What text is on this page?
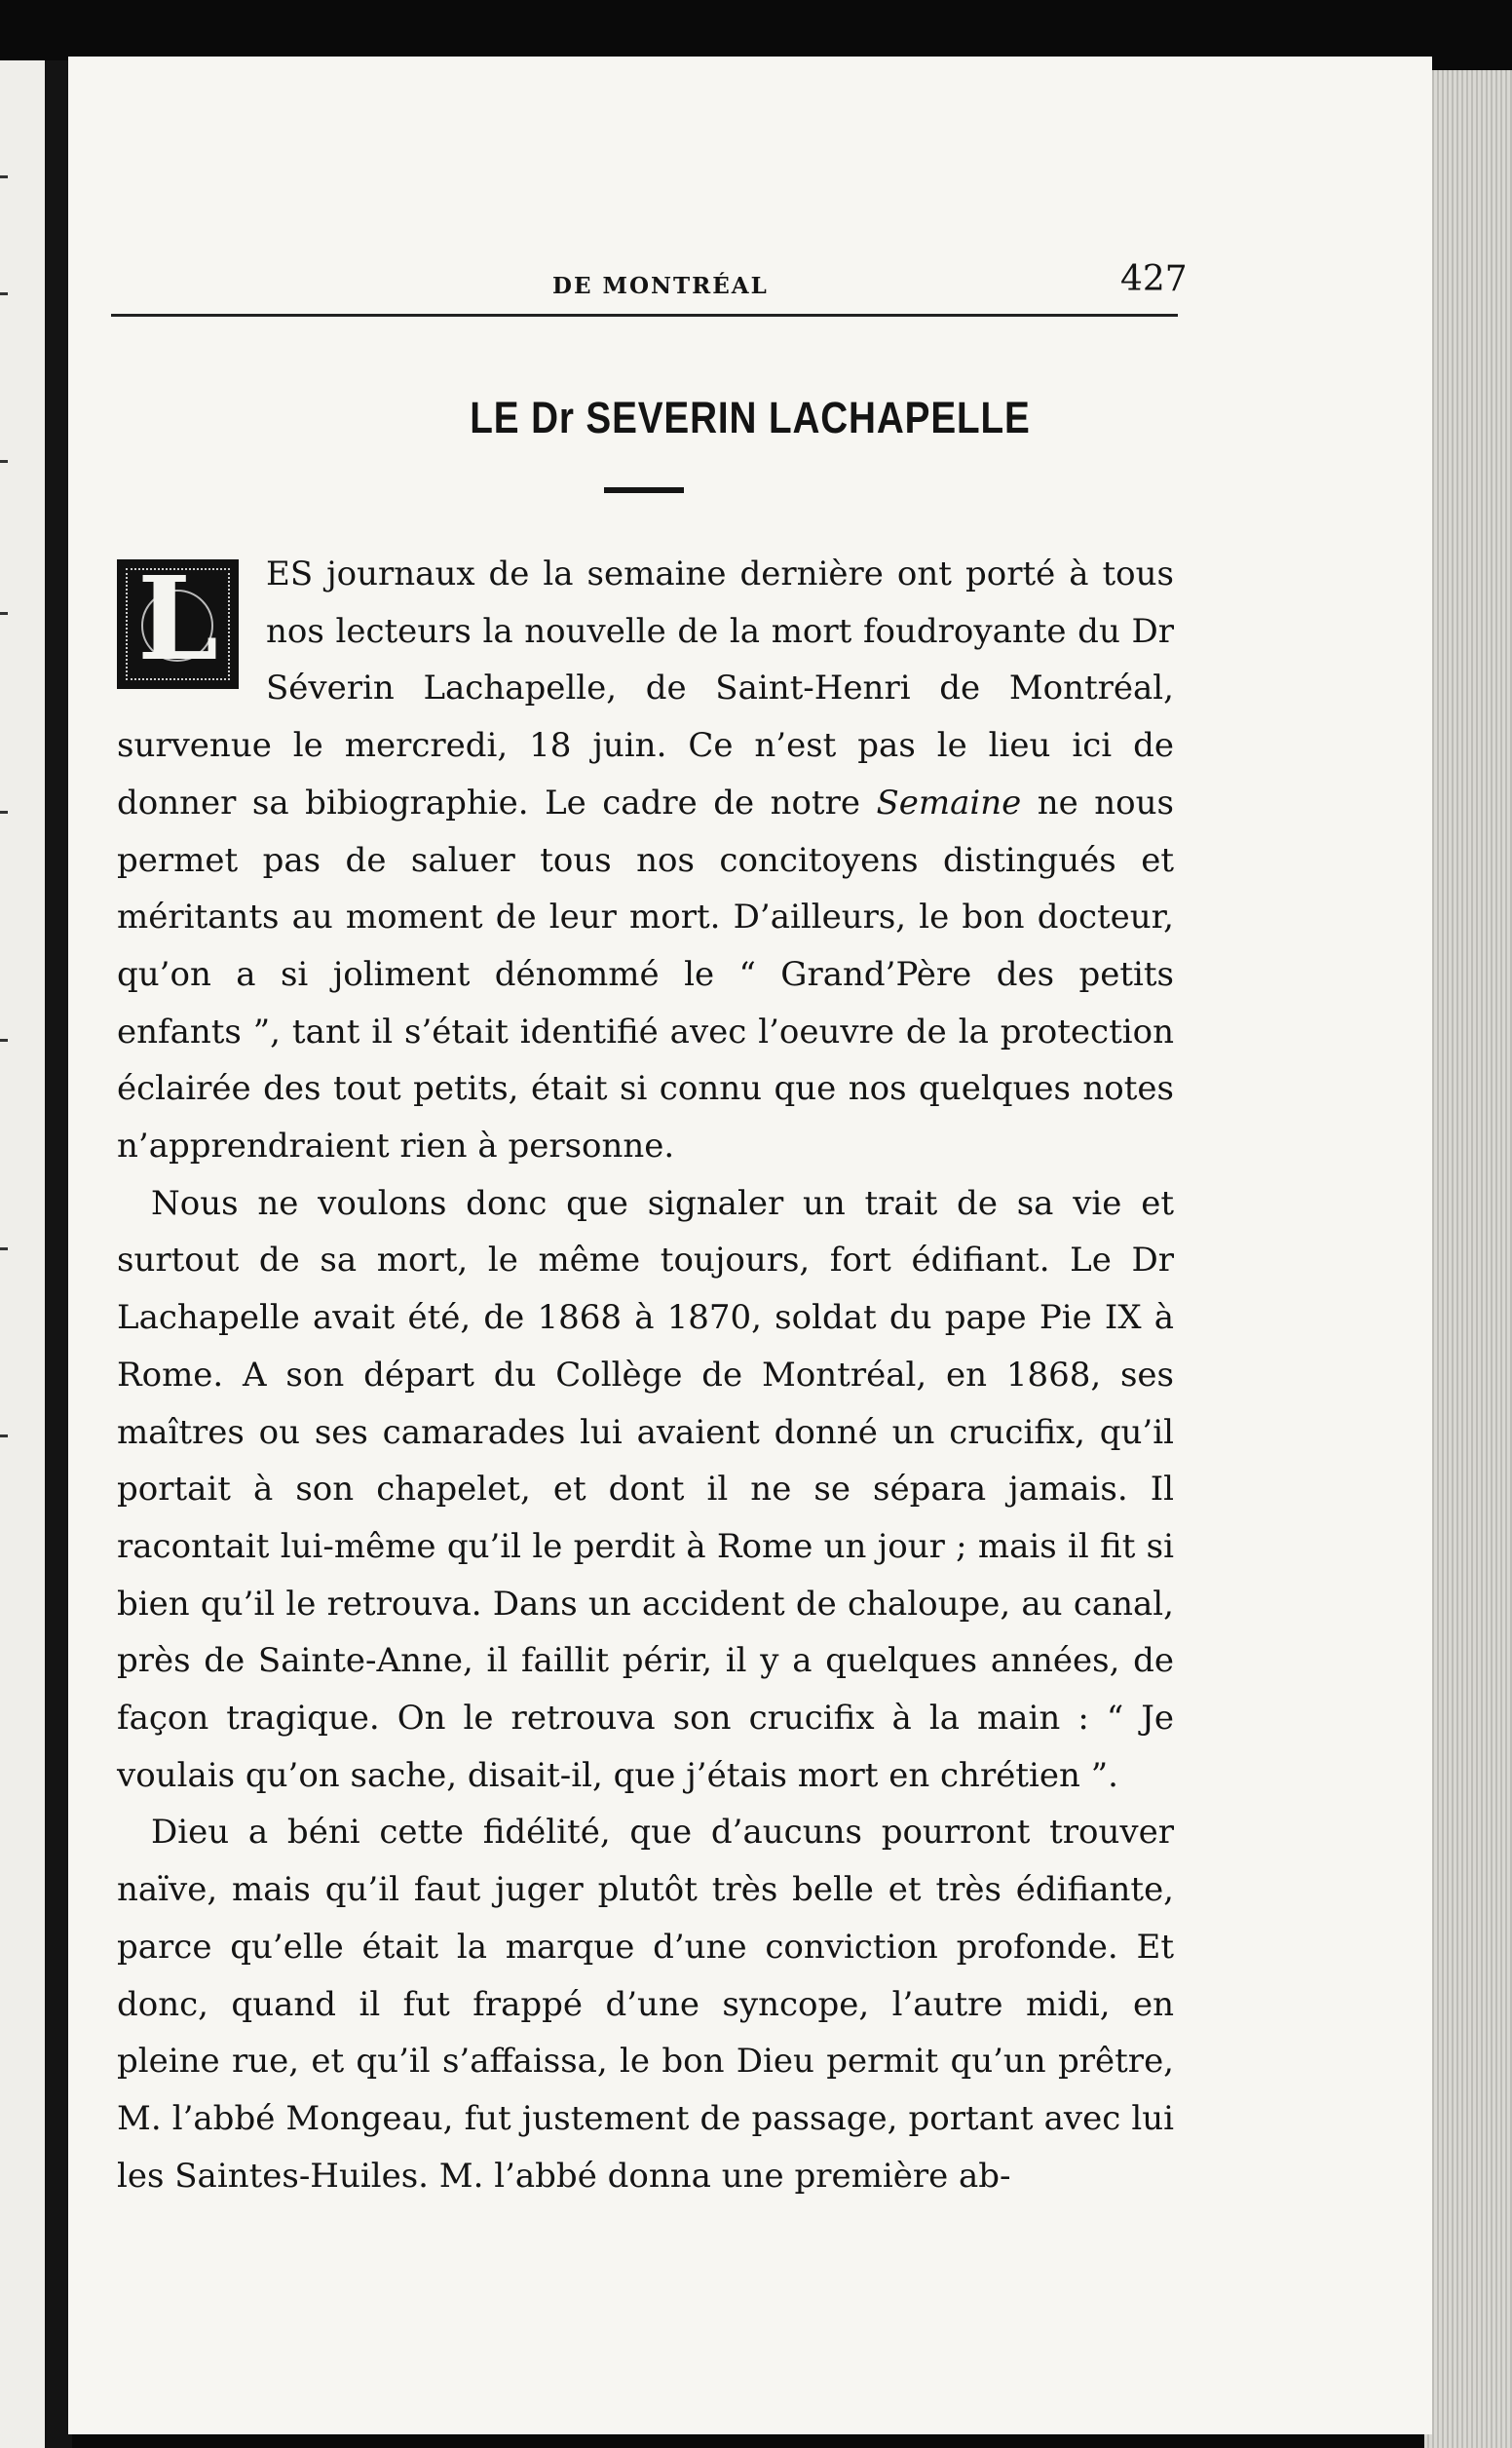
DE MONTRÉAL	427
LE Dr SEVERIN LACHAPELLE

L	ES journaux de la semaine dernière ont porté à tous nos lecteurs la nouvelle de la mort foudroyante du Dr Séverin Lachapelle, de Saint-Henri de Montréal, survenue le mercredi, 18 juin. Ce n’est pas le lieu ici de donner sa bibiographie. Le cadre de notre Semaine ne nous permet pas de saluer tous nos concitoyens distingués et méritants au moment de leur mort. D’ailleurs, le bon docteur, qu’on a si joliment dénommé le “ Grand’Père des petits enfants ”, tant il s’était identifié avec l’oeuvre de la protection éclairée des tout petits, était si connu que nos quelques notes n’apprendraient rien à personne.

Nous ne voulons donc que signaler un trait de sa vie et surtout de sa mort, le même toujours, fort édifiant. Le Dr Lachapelle avait été, de 1868 à 1870, soldat du pape Pie IX à Rome. A son départ du Collège de Montréal, en 1868, ses maîtres ou ses camarades lui avaient donné un crucifix, qu’il portait à son chapelet, et dont il ne se sépara jamais. Il racontait lui-même qu’il le perdit à Rome un jour ; mais il fit si bien qu’il le retrouva. Dans un accident de chaloupe, au canal, près de Sainte-Anne, il faillit périr, il y a quelques années, de façon tragique. On le retrouva son crucifix à la main : “ Je voulais qu’on sache, disait-il, que j’étais mort en chrétien ”.

Dieu a béni cette fidélité, que d’aucuns pourront trouver naïve, mais qu’il faut juger plutôt très belle et très édifiante, parce qu’elle était la marque d’une conviction profonde. Et donc, quand il fut frappé d’une syncope, l’autre midi, en pleine rue, et qu’il s’affaissa, le bon Dieu permit qu’un prêtre, M. l’abbé Mongeau, fut justement de passage, portant avec lui les Saintes-Huiles. M. l’abbé donna une première ab-
